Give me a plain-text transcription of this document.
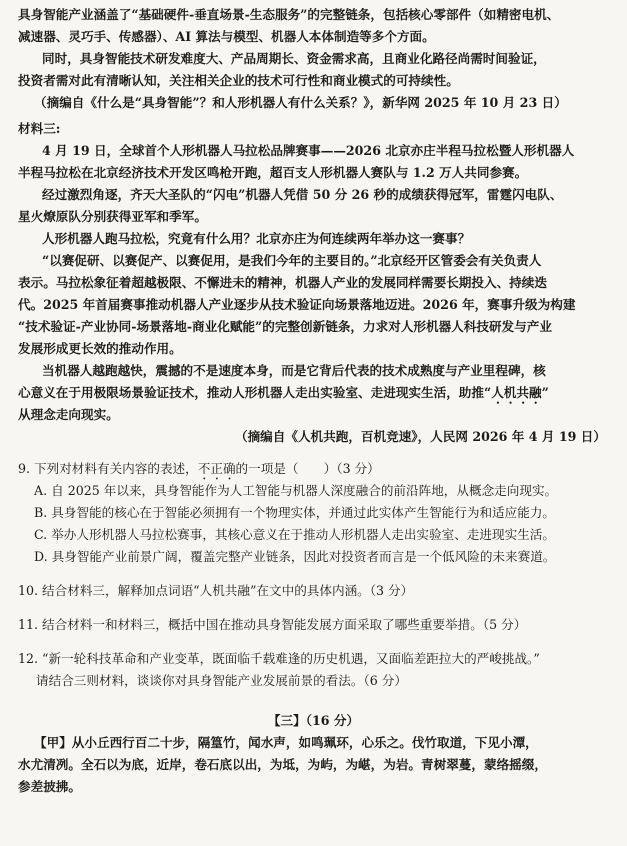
具身智能产业涵盖了“基础硬件-垂直场景-生态服务”的完整链条，包括核心零部件（如精密电机、
减速器、灵巧手、传感器）、AI 算法与模型、机器人本体制造等多个方面。
同时，具身智能技术研发难度大、产品周期长、资金需求高，且商业化路径尚需时间验证，
投资者需对此有清晰认知，关注相关企业的技术可行性和商业模式的可持续性。
（摘编自《什么是“具身智能”？和人形机器人有什么关系？》，新华网 2025 年 10 月 23 日）
材料三:
4 月 19 日，全球首个人形机器人马拉松品牌赛事——2026 北京亦庄半程马拉松暨人形机器人
半程马拉松在北京经济技术开发区鸣枪开跑，超百支人形机器人赛队与 1.2 万人共同参赛。
经过激烈角逐，齐天大圣队的“闪电”机器人凭借 50 分 26 秒的成绩获得冠军，雷霆闪电队、
星火燎原队分别获得亚军和季军。
人形机器人跑马拉松，究竟有什么用？北京亦庄为何连续两年举办这一赛事？
“以赛促研、以赛促产、以赛促用，是我们今年的主要目的。”北京经开区管委会有关负责人
表示。马拉松象征着超越极限、不懈进未的精神，机器人产业的发展同样需要长期投入、持续迭
代。2025 年首届赛事推动机器人产业逐步从技术验证向场景落地迈进。2026 年，赛事升级为构建
“技术验证-产业协同-场景落地-商业化赋能”的完整创新链条，力求对人形机器人科技研发与产业
发展形成更长效的推动作用。
当机器人越跑越快，震撼的不是速度本身，而是它背后代表的技术成熟度与产业里程碑，核
心意义在于用极限场景验证技术，推动人形机器人走出实验室、走进现实生活，助推“人机共融”
从理念走向现实。
（摘编自《人机共跑，百机竞速》，人民网 2026 年 4 月 19 日）
9. 下列对材料有关内容的表述，不正确的一项是（　　）（3 分）
A. 自 2025 年以来，具身智能作为人工智能与机器人深度融合的前沿阵地，从概念走向现实。
B. 具身智能的核心在于智能必须拥有一个物理实体，并通过此实体产生智能行为和适应能力。
C. 举办人形机器人马拉松赛事，其核心意义在于推动人形机器人走出实验室、走进现实生活。
D. 具身智能产业前景广阔，覆盖完整产业链条，因此对投资者而言是一个低风险的未来赛道。
10. 结合材料三，解释加点词语“人机共融”在文中的具体内涵。（3 分）
11. 结合材料一和材料三，概括中国在推动具身智能发展方面采取了哪些重要举措。（5 分）
12. “新一轮科技革命和产业变革，既面临千载难逢的历史机遇，又面临差距拉大的严峻挑战。”
请结合三则材料，谈谈你对具身智能产业发展前景的看法。（6 分）
【三】（16 分）
【甲】从小丘西行百二十步，隔篁竹，闻水声，如鸣珮环，心乐之。伐竹取道，下见小潭，
水尤清冽。全石以为底，近岸，卷石底以出，为坻，为屿，为嵁，为岩。青树翠蔓，蒙络摇缀，
参差披拂。
